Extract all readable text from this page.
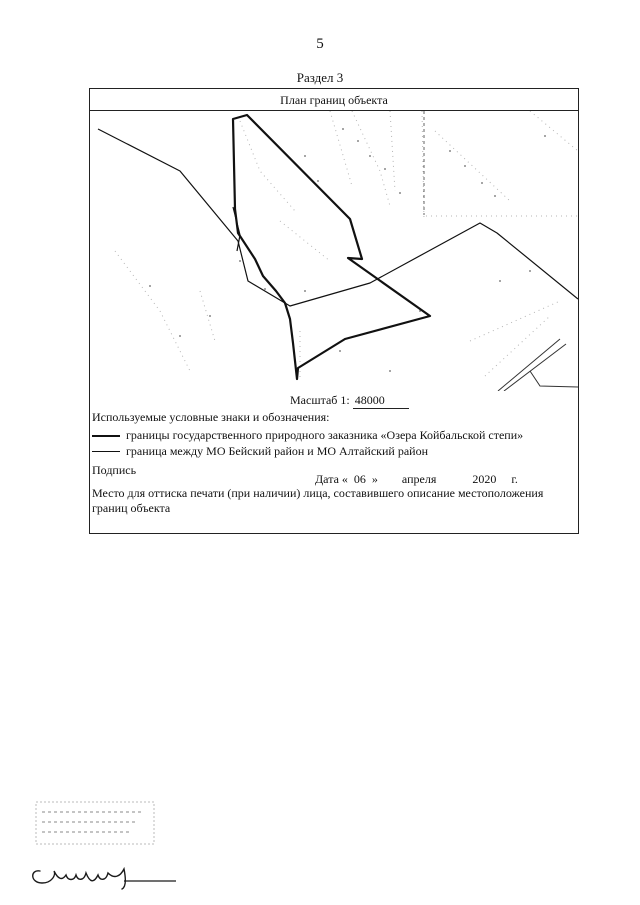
5
Раздел 3
План границ объекта
Масштаб 1: 48000
Используемые условные знаки и обозначения:
границы государственного природного заказника «Озера Койбальской степи»
граница между МО Бейский район и МО Алтайский район
Подпись
Дата « 06 » апреля	2020 г.
Место для оттиска печати (при наличии) лица, составившего описание местоположения границ объекта
